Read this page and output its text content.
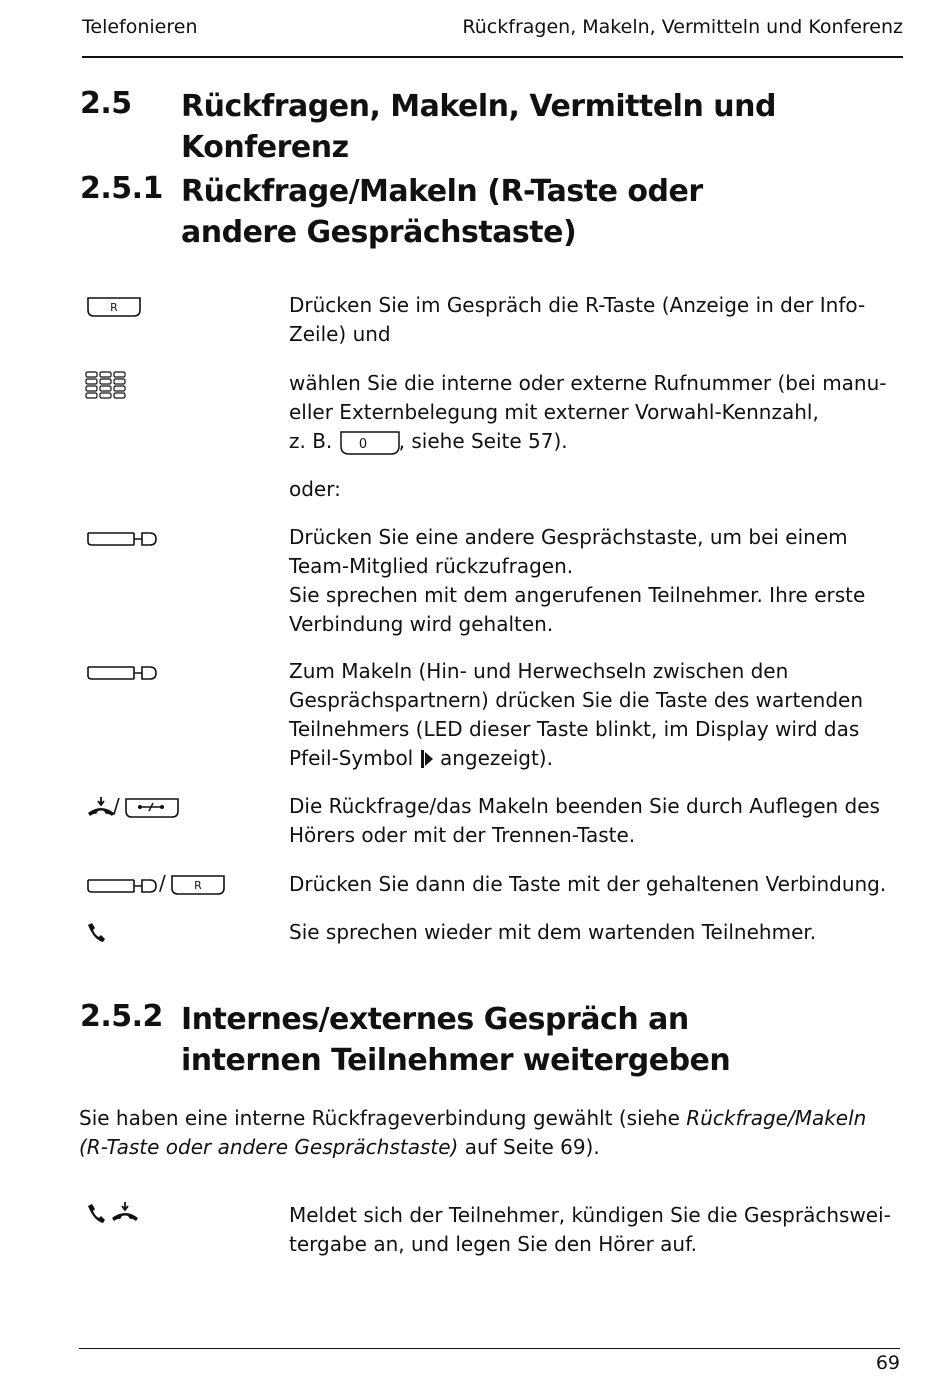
Telefonieren	Rückfragen, Makeln, Vermitteln und Konferenz
2.5 Rückfragen, Makeln, Vermitteln und Konferenz
2.5.1 Rückfrage/Makeln (R-Taste oder andere Gesprächstaste)
R	Drücken Sie im Gespräch die R-Taste (Anzeige in der Info-Zeile) und
wählen Sie die interne oder externe Rufnummer (bei manu-eller Externbelegung mit externer Vorwahl-Kennzahl,
z. B. 0 , siehe Seite 57).
oder:
Drücken Sie eine andere Gesprächstaste, um bei einem Team-Mitglied rückzufragen.
Sie sprechen mit dem angerufenen Teilnehmer. Ihre erste Verbindung wird gehalten.
Zum Makeln (Hin- und Herwechseln zwischen den Gesprächspartnern) drücken Sie die Taste des wartenden Teilnehmers (LED dieser Taste blinkt, im Display wird das Pfeil-Symbol angezeigt).
/	Die Rückfrage/das Makeln beenden Sie durch Auflegen des Hörers oder mit der Trennen-Taste.
/	R	Drücken Sie dann die Taste mit der gehaltenen Verbindung.
Sie sprechen wieder mit dem wartenden Teilnehmer.
2.5.2 Internes/externes Gespräch an internen Teilnehmer weitergeben
Sie haben eine interne Rückfrageverbindung gewählt (siehe Rückfrage/Makeln (R-Taste oder andere Gesprächstaste) auf Seite 69).
Meldet sich der Teilnehmer, kündigen Sie die Gesprächswei-tergabe an, und legen Sie den Hörer auf.
69
